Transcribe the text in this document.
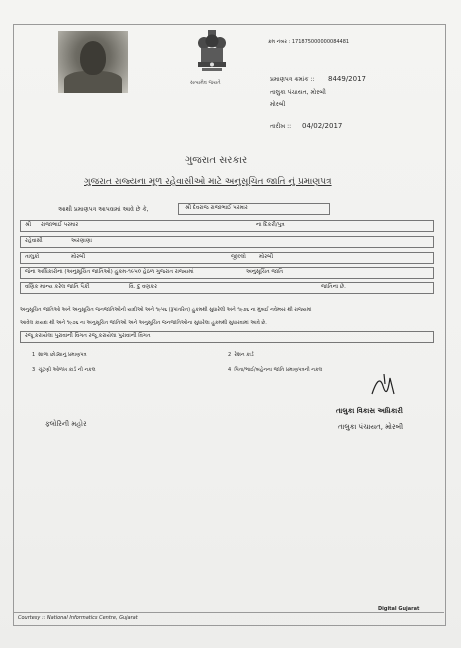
સત્યમેવ જયતે
ક્રમ નંબર : 171875000000084481
પ્રમાણપત્ર ક્રમાંક :: 8449/2017
તાલુકા પંચાયત, મોરબી
મોરબી
તારીખ :: 04/02/2017
ગુજરાત સરકાર
ગુજરાત રાજ્યના મૂળ રહેવાસીઓ માટે અનુસૂચિત જાતિ નું પ્રમાણપત્ર
આથી પ્રમાણપત્ર આપવામાં આવે છે કે,	શ્રી દેવરાજ રાજાભાઈ પરમાર
શ્રી રાજાભાઈ પરમાર	ના દિકરી/પુત્ર
રહેવાસી	અરણાણા
તાલુકો	મોરબી	જીલ્લો મોરબી
જેના અધિકારોના (અનુસૂચિત જાતિઓ) હુકમ-૧૯૫૦ હેઠળ ગુજરાત રાજ્યમાં	અનુસૂચિત જાતિ
વણિક માન્ય કરેલ જાતિ પૈકી	વિ. દુ વણકર	જાતિના છે.
અનુસૂચિત જાતિઓ અને અનુસૂચિત જનજાતિઓની યાદીઓ અને ૧૯૫૬ (રૂપાંતરિત) હુકમથી સુધારેલી અને ૧૯૭૬ ના મુંબઈ નવેમ્બર થી રાજ્યમાં
આવેલ કાયદા થી અને ૧૯૭૬ ના અનુસૂચિત જાતિઓ અને અનુસૂચિત જનજાતિઓના સુધારેલા હુકમથી સુધારવામાં આવે છે.
રજૂ કરાયેલા પુરાવાની વિગત રજૂ કરાયેલા પુરાવાની વિગત
1 શાળા છોડ્યાનું પ્રમાણપત્ર	2 રેશન કાર્ડ
3 ચૂંટણી ઓળખ કાર્ડ ની નકલ	4 પિતા/ભાઈ/બહેનના જાતિ પ્રમાણપત્રની નકલ
ફ્લોરિની મહોર
તાલુકા વિકાસ અધિકારી
તાલુકા પંચાયત, મોરબી
Courtesy :: National Informatics Centre, Gujarat
Digital Gujarat
